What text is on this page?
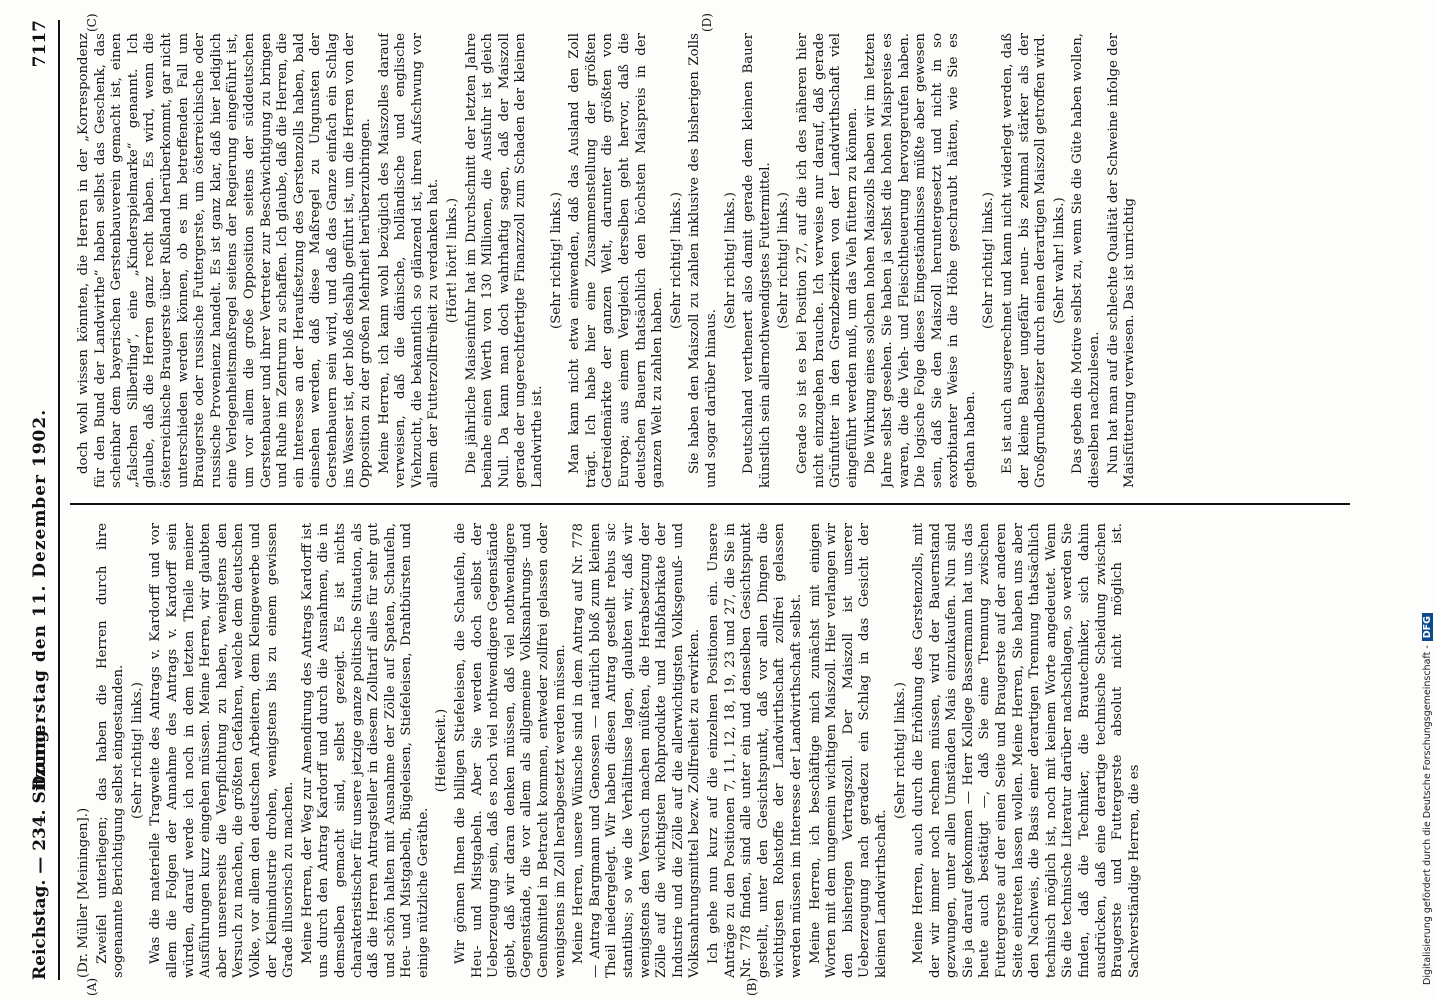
Reichstag. — 234. Sitzung.
Donnerstag den 11. Dezember 1902.
7117
(A)	(B)
(C)	(D)

(Dr. Müller [Meiningen].) Zweifel unterliegen; das haben die Herren durch ihre sogenannte Berichtigung selbst eingestanden. (Sehr richtig! links.) Was die materielle Tragweite des Antrags v. Kardorff und vor allem die Folgen der Annahme des Antrags v. Kardorff sein würden, darauf werde ich noch in dem letzten Theile meiner Ausführungen kurz eingehen müssen. Meine Herren, wir glaubten aber unsererseits die Verpflichtung zu haben, wenigstens den Versuch zu machen, die größten Gefahren, welche dem deutschen Volke, vor allem den deutschen Arbeitern, dem Kleingewerbe und der Kleinindustrie drohen, wenigstens bis zu einem gewissen Grade illusorisch zu machen. Meine Herren, der Weg zur Amendirung des Antrags Kardorff ist uns durch den Antrag Kardorff und durch die Ausnahmen, die in demselben gemacht sind, selbst gezeigt. Es ist nichts charakteristischer für unsere jetzige ganze politische Situation, als daß die Herren Antragsteller in diesem Zolltarif alles für sehr gut und schön halten mit Ausnahme der Zölle auf Spaten, Schaufeln, Heu- und Mistgabeln, Bügeleisen, Stiefeleisen, Drahtbürsten und einige nützliche Geräthe.

(Heiterkeit.) Wir gönnen Ihnen die billigen Stiefeleisen, die Schaufeln, die Heu- und Mistgabeln. Aber Sie werden doch selbst der Ueberzeugung sein, daß es noch viel nothwendigere Gegenstände giebt, daß wir daran denken müssen, daß viel nothwendigere Gegenstände, die vor allem als allgemeine Volksnahrungs- und Genußmittel in Betracht kommen, entweder zollfrei gelassen oder wenigstens im Zoll herabgesetzt werden müssen. Meine Herren, unsere Wünsche sind in dem Antrag auf Nr. 778 — Antrag Bargmann und Genossen — natürlich bloß zum kleinen Theil niedergelegt. Wir haben diesen Antrag gestellt rebus sic stantibus; so wie die Verhältnisse lagen, glaubten wir, daß wir wenigstens den Versuch machen müßten, die Herabsetzung der Zölle auf die wichtigsten Rohprodukte und Halbfabrikate der Industrie und die Zölle auf die allerwichtigsten Volksgenuß- und Volksnahrungsmittel bezw. Zollfreiheit zu erwirken. Ich gehe nun kurz auf die einzelnen Positionen ein. Unsere Anträge zu den Positionen 7, 11, 12, 18, 19, 23 und 27, die Sie in Nr. 778 finden, sind alle unter ein und denselben Gesichtspunkt gestellt, unter den Gesichtspunkt, daß vor allen Dingen die wichtigsten Rohstoffe der Landwirthschaft zollfrei gelassen werden müssen im Interesse der Landwirthschaft selbst. Meine Herren, ich beschäftige mich zunächst mit einigen Worten mit dem ungemein wichtigen Maiszoll. Hier verlangen wir den bisherigen Vertragszoll. Der Maiszoll ist unserer Ueberzeugung nach geradezu ein Schlag in das Gesicht der kleinen Landwirthschaft.

(Sehr richtig! links.) Meine Herren, auch durch die Erhöhung des Gerstenzolls, mit der wir immer noch rechnen müssen, wird der Bauernstand gezwungen, unter allen Umständen Mais einzukaufen. Nun sind Sie ja darauf gekommen — Herr Kollege Bassermann hat uns das heute auch bestätigt —, daß Sie eine Trennung zwischen Futtergerste auf der einen Seite und Braugerste auf der anderen Seite eintreten lassen wollen. Meine Herren, Sie haben uns aber den Nachweis, die Basis einer derartigen Trennung thatsächlich technisch möglich ist, noch mit keinem Worte angedeutet. Wenn Sie die technische Literatur darüber nachschlagen, so werden Sie finden, daß die Techniker, die Brautechniker, sich dahin ausdrücken, daß eine derartige technische Scheidung zwischen Braugerste und Futtergerste absolut nicht möglich ist. Sachverständige Herren, die es

doch wohl wissen könnten, die Herren in der „Korrespondenz für den Bund der Landwirthe“ haben selbst das Geschenk, das scheinbar dem bayerischen Gerstenbauverein gemacht ist, einen „falschen Silberling“, eine „Kinderspielmarke“ genannt. Ich glaube, daß die Herren ganz recht haben. Es wird, wenn die österreichische Braugerste über Rußland herüberkommt, gar nicht unterschieden werden können, ob es im betreffenden Fall um Braugerste oder russische Futtergerste, um österreichische oder russische Provenienz handelt. Es ist ganz klar, daß hier lediglich eine Verlegenheitsmaßregel seitens der Regierung eingeführt ist, um vor allem die große Opposition seitens der süddeutschen Gerstenbauer und ihrer Vertreter zur Beschwichtigung zu bringen und Ruhe im Zentrum zu schaffen. Ich glaube, daß die Herren, die ein Interesse an der Heraufsetzung des Gerstenzolls haben, bald einsehen werden, daß diese Maßregel zu Ungunsten der Gerstenbauern sein wird, und daß das Ganze einfach ein Schlag ins Wasser ist, der bloß deshalb geführt ist, um die Herren von der Opposition zu der großen Mehrheit herüberzubringen. Meine Herren, ich kann wohl bezüglich des Maiszolles darauf verweisen, daß die dänische, holländische und englische Viehzucht, die bekanntlich so glänzend ist, ihren Aufschwung vor allem der Futterzollfreiheit zu verdanken hat. (Hört! hört! links.) Die jährliche Maiseinfuhr hat im Durchschnitt der letzten Jahre beinahe einen Werth von 130 Millionen, die Ausfuhr ist gleich Null. Da kann man doch wahrhaftig sagen, daß der Maiszoll gerade der ungerechtfertigte Finanzzoll zum Schaden der kleinen Landwirthe ist.

(Sehr richtig! links.) Man kann nicht etwa einwenden, daß das Ausland den Zoll trägt. Ich habe hier eine Zusammenstellung der größten Getreidemärkte der ganzen Welt, darunter die größten von Europa; aus einem Vergleich derselben geht hervor, daß die deutschen Bauern thatsächlich den höchsten Maispreis in der ganzen Welt zu zahlen haben.

(Sehr richtig! links.) Sie haben den Maiszoll zu zahlen inklusive des bisherigen Zolls und sogar darüber hinaus.

(Sehr richtig! links.) Deutschland verthenert also damit gerade dem kleinen Bauer künstlich sein allernothwendigstes Futtermittel. (Sehr richtig! links.) Gerade so ist es bei Position 27, auf die ich des näheren hier nicht einzugehen brauche. Ich verweise nur darauf, daß gerade Grünfutter in den Grenzbezirken von der Landwirthschaft viel eingeführt werden muß, um das Vieh füttern zu können. Die Wirkung eines solchen hohen Maiszolls haben wir im letzten Jahre selbst gesehen. Sie haben ja selbst die hohen Maispreise es waren, die die Vieh- und Fleischtheuerung hervorgerufen haben. Die logische Folge dieses Eingeständnisses müßte aber gewesen sein, daß Sie den Maiszoll heruntergesetzt und nicht in so exorbitanter Weise in die Höhe geschraubt hätten, wie Sie es gethan haben.

(Sehr richtig! links.) Es ist auch ausgerechnet und kann nicht widerlegt werden, daß der kleine Bauer ungefähr neun- bis zehnmal stärker als der Großgrundbesitzer durch einen derartigen Maiszoll getroffen wird. (Sehr wahr! links.) Das geben die Motive selbst zu, wenn Sie die Güte haben wollen, dieselben nachzulesen. Nun hat man auf die schlechte Qualität der Schweine infolge der Maisfütterung verwiesen. Das ist unrichtig

Digitalisierung gefördert durch die Deutsche Forschungsgemeinschaft -DFG
